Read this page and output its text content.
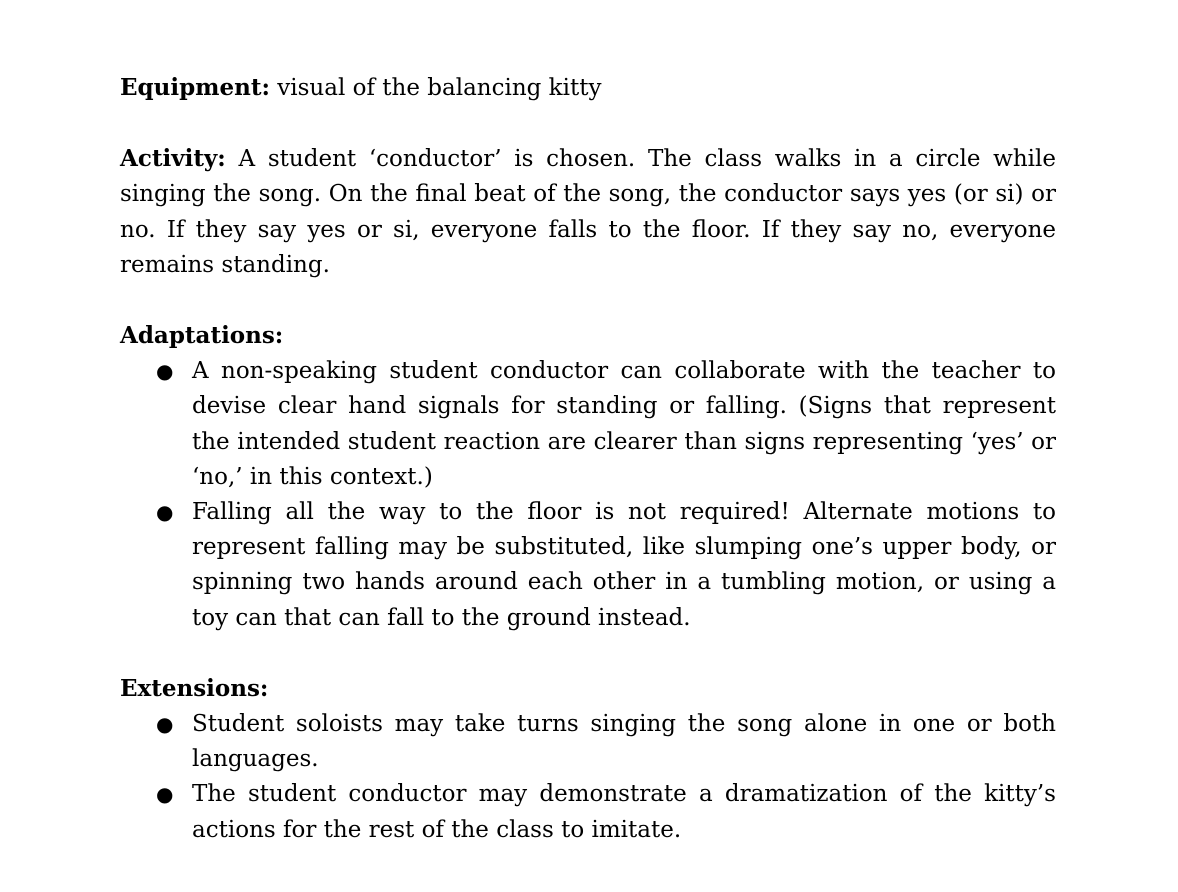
Equipment: visual of the balancing kitty

Activity: A student ‘conductor’ is chosen. The class walks in a circle while singing the song. On the final beat of the song, the conductor says yes (or si) or no. If they say yes or si, everyone falls to the floor. If they say no, everyone remains standing.

Adaptations:

● A non-speaking student conductor can collaborate with the teacher to devise clear hand signals for standing or falling. (Signs that represent the intended student reaction are clearer than signs representing ‘yes’ or ‘no,’ in this context.)
● Falling all the way to the floor is not required! Alternate motions to represent falling may be substituted, like slumping one’s upper body, or spinning two hands around each other in a tumbling motion, or using a toy can that can fall to the ground instead.

Extensions:

● Student soloists may take turns singing the song alone in one or both languages.
● The student conductor may demonstrate a dramatization of the kitty’s actions for the rest of the class to imitate.
